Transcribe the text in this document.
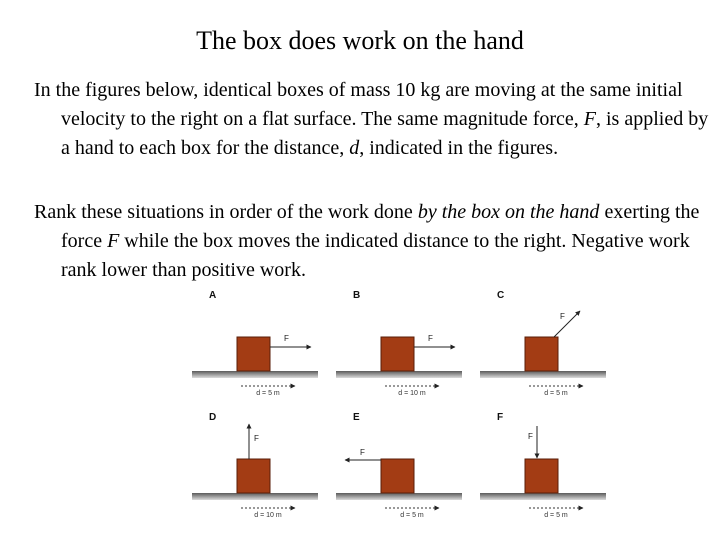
The box does work on the hand
In the figures below, identical boxes of mass 10 kg are moving at the same initial velocity to the right on a flat surface. The same magnitude force, F, is applied by a hand to each box for the distance, d, indicated in the figures.
Rank these situations in order of the work done by the box on the hand exerting the force F while the box moves the indicated distance to the right. Negative work rank lower than positive work.
A
d = 5 m
F
B
d = 10 m
F
C
d = 5 m
F
D
d = 10 m
F
E
d = 5 m
F
F
d = 5 m
F
